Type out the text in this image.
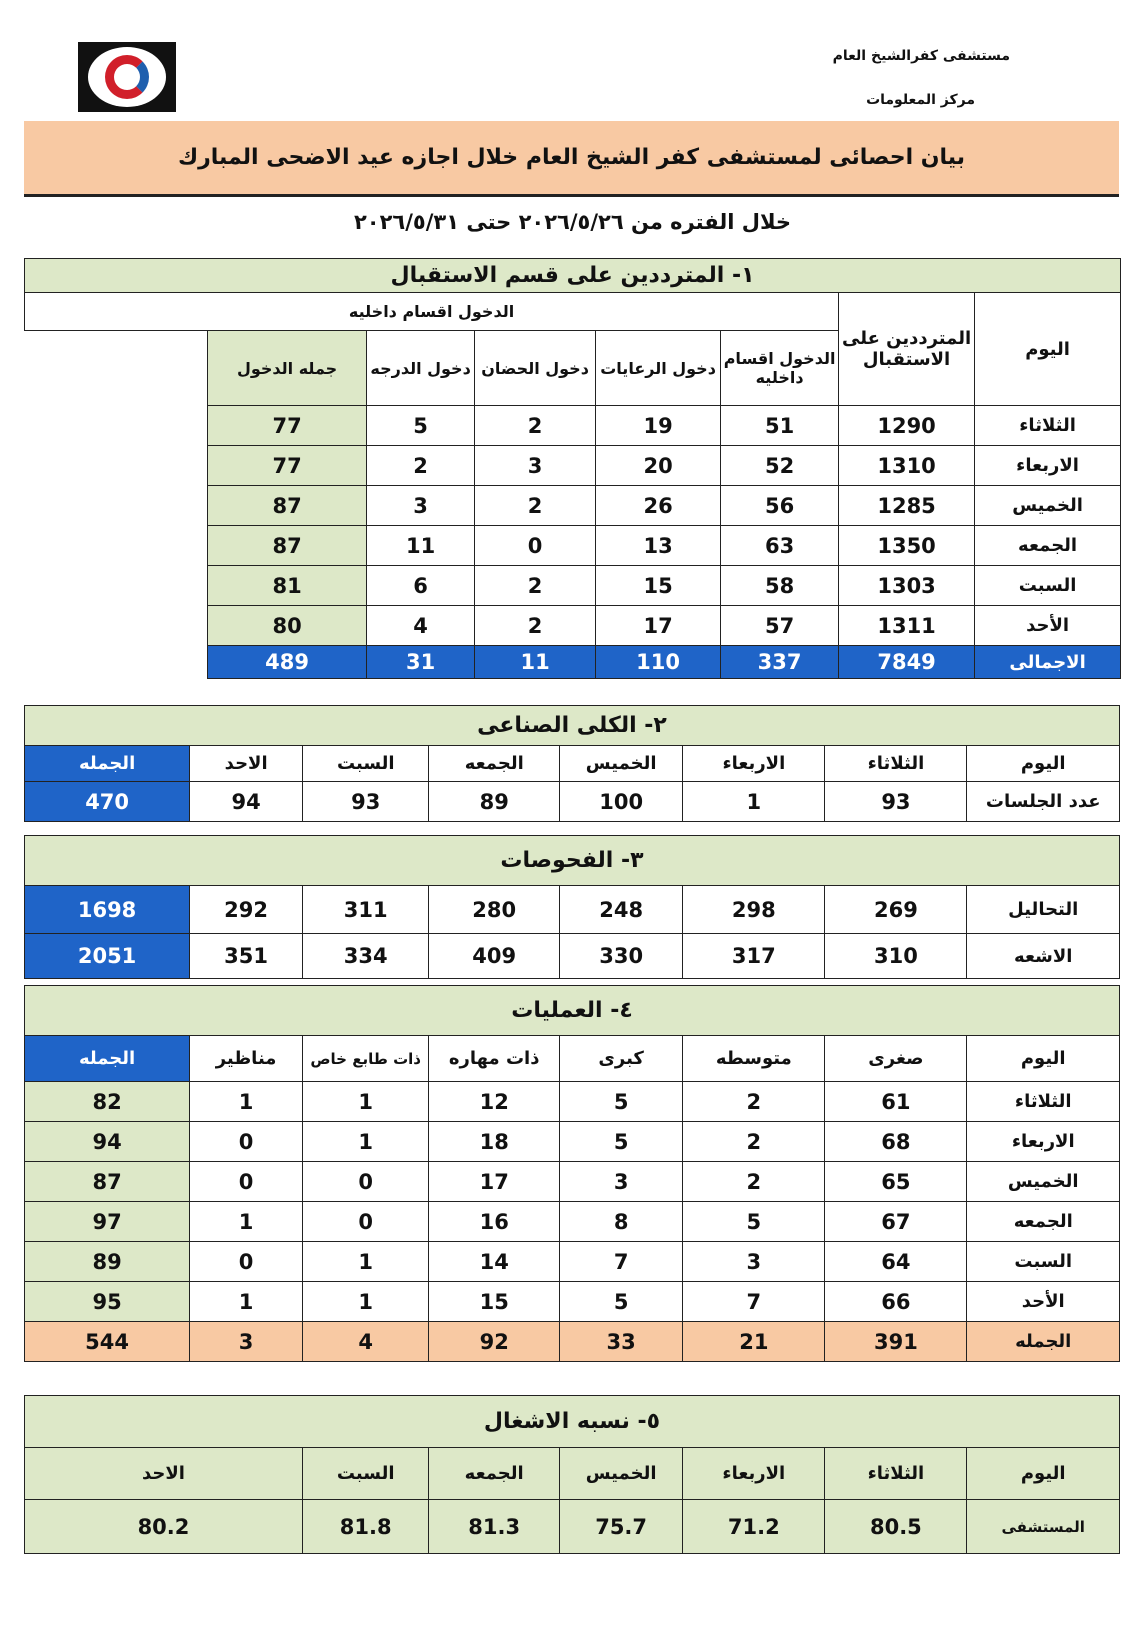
مستشفى كفرالشيخ العام
مركز المعلومات
بيان احصائى لمستشفى كفر الشيخ العام خلال اجازه عيد الاضحى المبارك
خلال الفتره من ٢٠٢٦/٥/٢٦ حتى ٢٠٢٦/٥/٣١
١- المترددين على قسم الاستقبال						
اليوم	المترددين على الاستقبال	الدخول اقسام داخليه				
		الدخول اقسام داخليه	دخول الرعايات	دخول الحضان	دخول الدرجه	جمله الدخول
الثلاثاء	1290	51	19	2	5	77
الاربعاء	1310	52	20	3	2	77
الخميس	1285	56	26	2	3	87
الجمعه	1350	63	13	0	11	87
السبت	1303	58	15	2	6	81
الأحد	1311	57	17	2	4	80
الاجمالى	7849	337	110	11	31	489
٢- الكلى الصناعى							
اليوم	الثلاثاء	الاربعاء	الخميس	الجمعه	السبت	الاحد	الجمله
عدد الجلسات	93	1	100	89	93	94	470
٣- الفحوصات							
التحاليل	269	298	248	280	311	292	1698
الاشعه	310	317	330	409	334	351	2051
٤- العمليات							
اليوم	صغرى	متوسطه	كبرى	ذات مهاره	ذات طابع خاص	مناظير	الجمله
الثلاثاء	61	2	5	12	1	1	82
الاربعاء	68	2	5	18	1	0	94
الخميس	65	2	3	17	0	0	87
الجمعه	67	5	8	16	0	1	97
السبت	64	3	7	14	1	0	89
الأحد	66	7	5	15	1	1	95
الجمله	391	21	33	92	4	3	544
٥- نسبه الاشغال						
اليوم	الثلاثاء	الاربعاء	الخميس	الجمعه	السبت	الاحد
المستشفى	80.5	71.2	75.7	81.3	81.8	80.2
